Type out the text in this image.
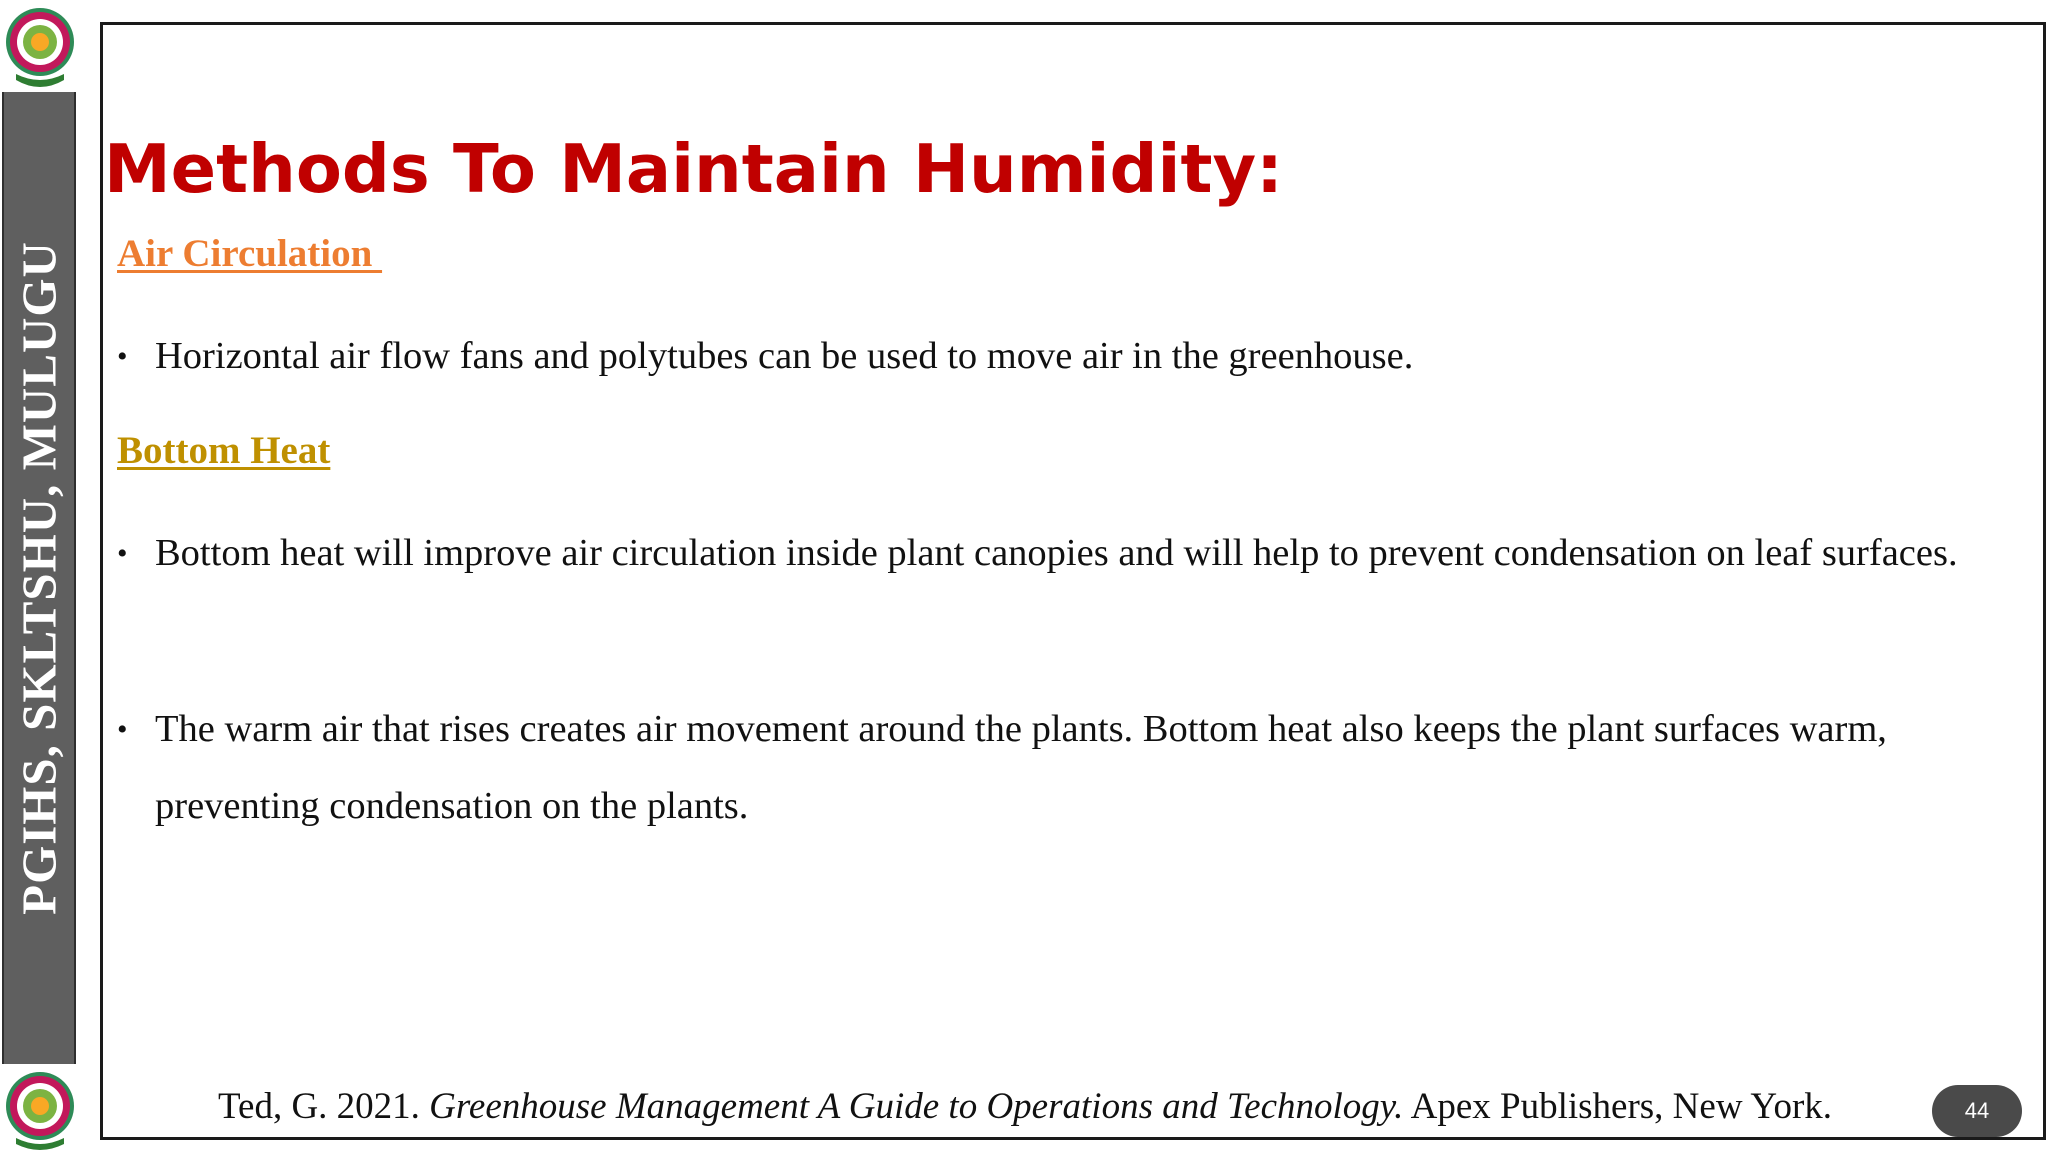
PGIHS, SKLTSHU, MULUGU
Methods To Maintain Humidity:
Air Circulation
• Horizontal air flow fans and polytubes can be used to move air in the greenhouse.
Bottom Heat
• Bottom heat will improve air circulation inside plant canopies and will help to prevent condensation on leaf surfaces.
• The warm air that rises creates air movement around the plants. Bottom heat also keeps the plant surfaces warm, preventing condensation on the plants.

Ted, G. 2021. Greenhouse Management A Guide to Operations and Technology. Apex Publishers, New York.	44
